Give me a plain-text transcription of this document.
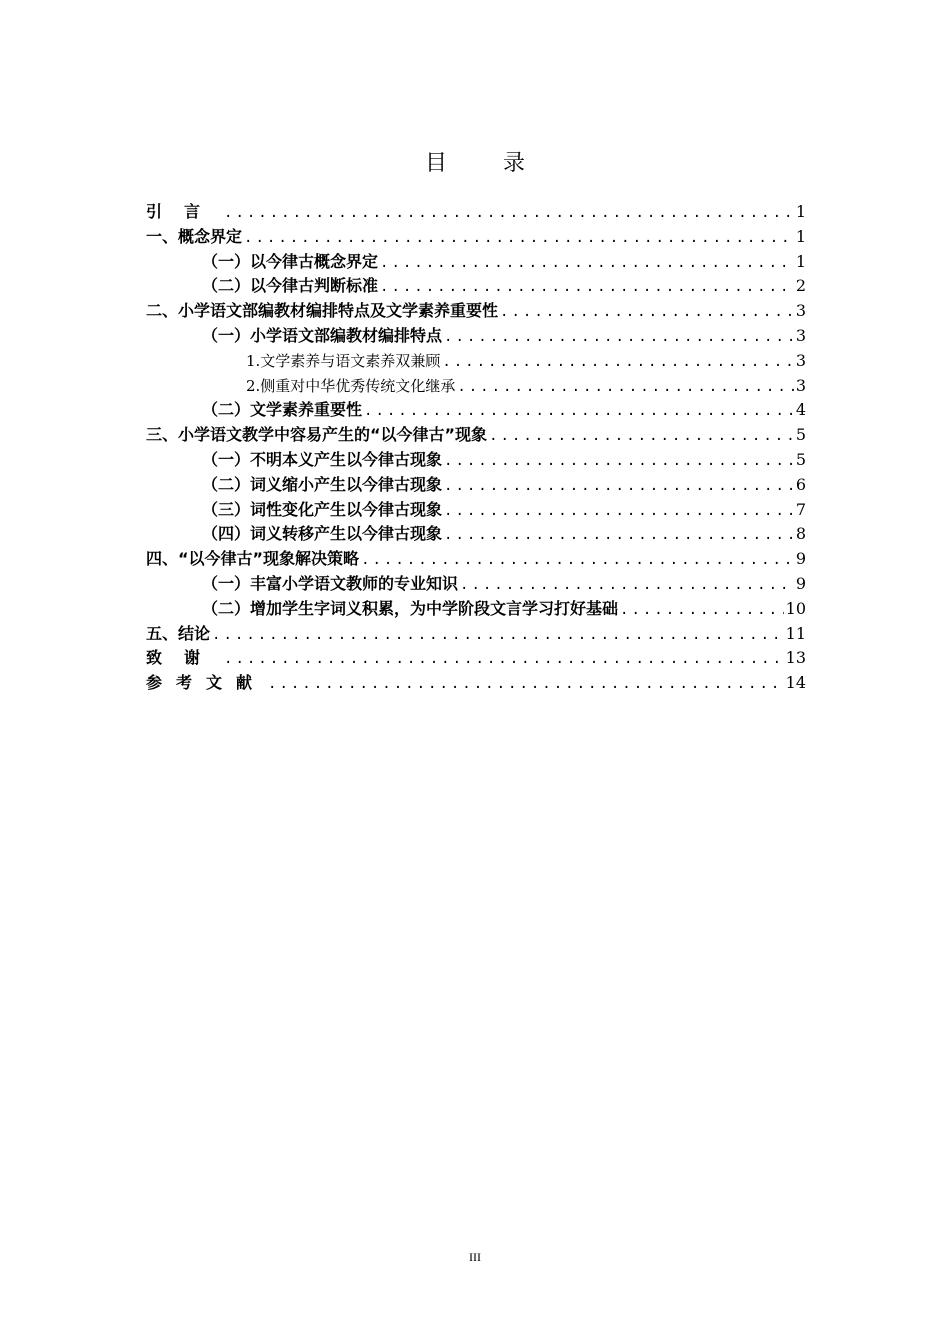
目录
引言 .....	1
一、 概念界定 .....	1
（一）以今律古概念界定 .....	1
（二）以今律古判断标准 .....	2
二、 小学语文部编教材编排特点及文学素养重要性 .....	3
（一）小学语文部编教材编排特点 .....	3
1.文学素养与语文素养双兼顾 .....	3
2.侧重对中华优秀传统文化继承 .....	3
（二）文学素养重要性 .....	4
三、 小学语文教学中容易产生的“以今律古”现象 .....	5
（一）不明本义产生以今律古现象 .....	5
（二）词义缩小产生以今律古现象 .....	6
（三）词性变化产生以今律古现象 .....	7
（四）词义转移产生以今律古现象 .....	8
四、 “以今律古”现象解决策略 .....	9
（一）丰富小学语文教师的专业知识 .....	9
（二）增加学生字词义积累，为中学阶段文言学习打好基础 .....	10
五、 结论 .....	11
致谢 .....	13
参考文献 .....	14
III
